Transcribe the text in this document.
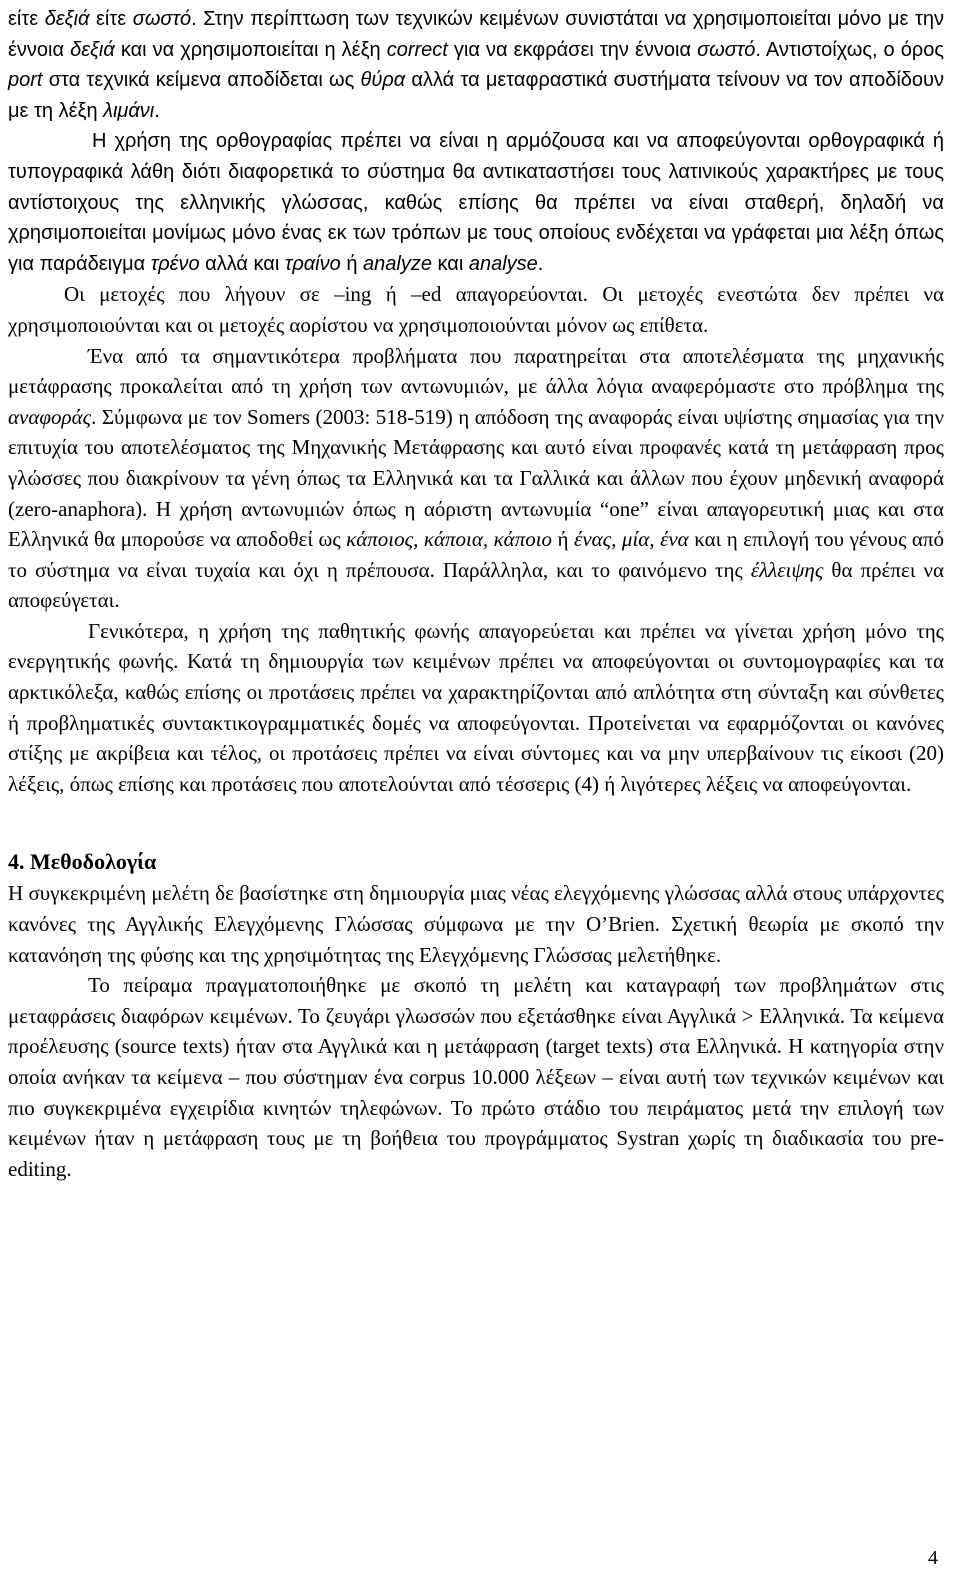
είτε δεξιά είτε σωστό. Στην περίπτωση των τεχνικών κειμένων συνιστάται να χρησιμοποιείται μόνο με την έννοια δεξιά και να χρησιμοποιείται η λέξη correct για να εκφράσει την έννοια σωστό. Αντιστοίχως, ο όρος port στα τεχνικά κείμενα αποδίδεται ως θύρα αλλά τα μεταφραστικά συστήματα τείνουν να τον αποδίδουν με τη λέξη λιμάνι.

Η χρήση της ορθογραφίας πρέπει να είναι η αρμόζουσα και να αποφεύγονται ορθογραφικά ή τυπογραφικά λάθη διότι διαφορετικά το σύστημα θα αντικαταστήσει τους λατινικούς χαρακτήρες με τους αντίστοιχους της ελληνικής γλώσσας, καθώς επίσης θα πρέπει να είναι σταθερή, δηλαδή να χρησιμοποιείται μονίμως μόνο ένας εκ των τρόπων με τους οποίους ενδέχεται να γράφεται μια λέξη όπως για παράδειγμα τρένο αλλά και τραίνο ή analyze και analyse.

Οι μετοχές που λήγουν σε –ing ή –ed απαγορεύονται. Οι μετοχές ενεστώτα δεν πρέπει να χρησιμοποιούνται και οι μετοχές αορίστου να χρησιμοποιούνται μόνον ως επίθετα.

Ένα από τα σημαντικότερα προβλήματα που παρατηρείται στα αποτελέσματα της μηχανικής μετάφρασης προκαλείται από τη χρήση των αντωνυμιών, με άλλα λόγια αναφερόμαστε στο πρόβλημα της αναφοράς. Σύμφωνα με τον Somers (2003: 518-519) η απόδοση της αναφοράς είναι υψίστης σημασίας για την επιτυχία του αποτελέσματος της Μηχανικής Μετάφρασης και αυτό είναι προφανές κατά τη μετάφραση προς γλώσσες που διακρίνουν τα γένη όπως τα Ελληνικά και τα Γαλλικά και άλλων που έχουν μηδενική αναφορά (zero-anaphora). Η χρήση αντωνυμιών όπως η αόριστη αντωνυμία “one” είναι απαγορευτική μιας και στα Ελληνικά θα μπορούσε να αποδοθεί ως κάποιος, κάποια, κάποιο ή ένας, μία, ένα και η επιλογή του γένους από το σύστημα να είναι τυχαία και όχι η πρέπουσα. Παράλληλα, και το φαινόμενο της έλλειψης θα πρέπει να αποφεύγεται.

Γενικότερα, η χρήση της παθητικής φωνής απαγορεύεται και πρέπει να γίνεται χρήση μόνο της ενεργητικής φωνής. Κατά τη δημιουργία των κειμένων πρέπει να αποφεύγονται οι συντομογραφίες και τα αρκτικόλεξα, καθώς επίσης οι προτάσεις πρέπει να χαρακτηρίζονται από απλότητα στη σύνταξη και σύνθετες ή προβληματικές συντακτικογραμματικές δομές να αποφεύγονται. Προτείνεται να εφαρμόζονται οι κανόνες στίξης με ακρίβεια και τέλος, οι προτάσεις πρέπει να είναι σύντομες και να μην υπερβαίνουν τις είκοσι (20) λέξεις, όπως επίσης και προτάσεις που αποτελούνται από τέσσερις (4) ή λιγότερες λέξεις να αποφεύγονται.

4. Μεθοδολογία

Η συγκεκριμένη μελέτη δε βασίστηκε στη δημιουργία μιας νέας ελεγχόμενης γλώσσας αλλά στους υπάρχοντες κανόνες της Αγγλικής Ελεγχόμενης Γλώσσας σύμφωνα με την O’Brien. Σχετική θεωρία με σκοπό την κατανόηση της φύσης και της χρησιμότητας της Ελεγχόμενης Γλώσσας μελετήθηκε.

Το πείραμα πραγματοποιήθηκε με σκοπό τη μελέτη και καταγραφή των προβλημάτων στις μεταφράσεις διαφόρων κειμένων. Το ζευγάρι γλωσσών που εξετάσθηκε είναι Αγγλικά > Ελληνικά. Τα κείμενα προέλευσης (source texts) ήταν στα Αγγλικά και η μετάφραση (target texts) στα Ελληνικά. Η κατηγορία στην οποία ανήκαν τα κείμενα – που σύστημαν ένα corpus 10.000 λέξεων – είναι αυτή των τεχνικών κειμένων και πιο συγκεκριμένα εγχειρίδια κινητών τηλεφώνων. Το πρώτο στάδιο του πειράματος μετά την επιλογή των κειμένων ήταν η μετάφραση τους με τη βοήθεια του προγράμματος Systran χωρίς τη διαδικασία του pre-editing.

4
